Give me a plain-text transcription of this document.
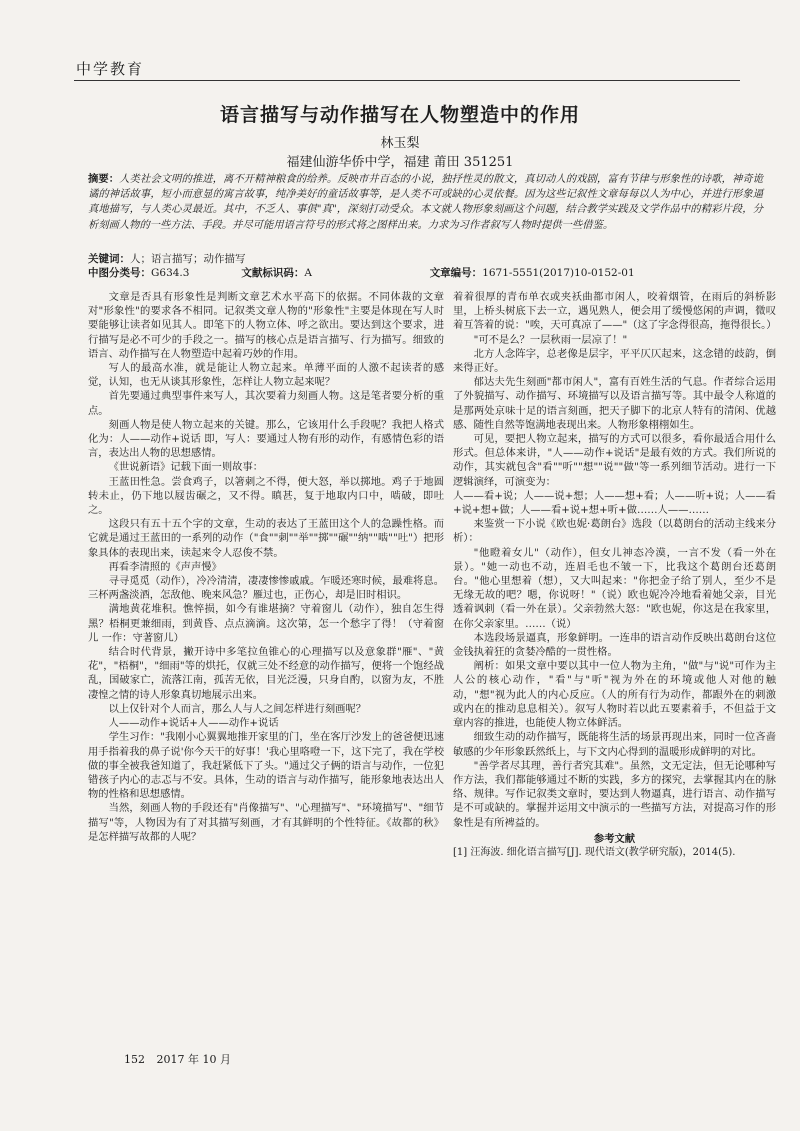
中学教育
语言描写与动作描写在人物塑造中的作用
林玉梨
福建仙游华侨中学，福建 莆田 351251
摘要：人类社会文明的推进，离不开精神粮食的给养。反映市井百态的小说，独抒性灵的散文，真切动人的戏剧，富有节律与形象性的诗歌，神奇诡谲的神话故事，短小而意显的寓言故事，纯净美好的童话故事等，是人类不可或缺的心灵依餐。因为这些记叙性文章每每以人为中心，并进行形象逼真地描写，与人类心灵最近。其中，不乏人、事俱"真"，深刻打动受众。本文就人物形象刻画这个问题，结合教学实践及文学作品中的精彩片段，分析刻画人物的一些方法、手段。并尽可能用语言符号的形式将之图样出来。力求为习作者叙写人物时提供一些借鉴。
关键词：人；语言描写；动作描写
中图分类号：G634.3	文献标识码：A	文章编号：1671-5551(2017)10-0152-01

文章是否具有形象性是判断文章艺术水平高下的依据。不同体裁的文章对"形象性"的要求各不相同。记叙类文章人物的"形象性"主要是体现在写人时要能够让读者如见其人。即笔下的人物立体、呼之欲出。要达到这个要求，进行描写是必不可少的手段之一。描写的核心点是语言描写、行为描写。细致的语言、动作描写在人物塑造中起着巧妙的作用。

写人的最高水准，就是能让人物立起来。单薄平面的人激不起读者的感觉，认知，也无从谈其形象性，怎样让人物立起来呢？

首先要通过典型事件来写人，其次要着力刻画人物。这是笔者要分析的重点。

刻画人物是使人物立起来的关键。那么，它该用什么手段呢？我把人格式化为：人——动作+说话 即，写人：要通过人物有形的动作，有感情色彩的语言，表达出人物的思想感情。

《世说新语》记载下面一则故事：

王蓝田性急。尝食鸡子，以箸刺之不得，便大怒，举以掷地。鸡子于地圆转未止，仍下地以屐齿碾之，又不得。瞋甚，复于地取内口中，啮破，即吐之。

这段只有五十五个字的文章，生动的表达了王蓝田这个人的急躁性格。而它就是通过王蓝田的一系列的动作（"食""刺""举""掷""碾""纳""啮""吐"）把形象具体的表现出来，读起来令人忍俊不禁。

再看李清照的《声声慢》

寻寻觅觅（动作），冷冷清清，凄凄惨惨戚戚。乍暖还寒时候，最难将息。三杯两盏淡酒，怎敌他、晚来风急？雁过也，正伤心，却是旧时相识。

满地黄花堆积。憔悴损，如今有谁堪摘？守着窗儿（动作），独自怎生得黑？梧桐更兼细雨，到黄昏、点点滴滴。这次第，怎一个愁字了得！（守着窗儿 一作：守著窗儿）

结合时代背景，撇开诗中多笔拉鱼锥心的心理描写以及意象群"雁"、"黄花"，"梧桐"，"细雨"等的烘托，仅就三处不经意的动作描写，便将一个饱经战乱，国破家亡，流落江南，孤苦无依，目光泛漫，只身自酌，以窗为友，不胜凄惶之情的诗人形象真切地展示出来。

以上仅针对个人而言，那么人与人之间怎样进行刻画呢？

人——动作+说话+人——动作+说话

学生习作："我刚小心翼翼地推开家里的门，坐在客厅沙发上的爸爸便迅速用手指着我的鼻子说'你今天干的好事！'我心里咯噔一下，这下完了，我在学校做的事全被我爸知道了，我赶紧低下了头。"通过父子俩的语言与动作，一位犯错孩子内心的志忑与不安。具体，生动的语言与动作描写，能形象地表达出人物的性格和思想感情。

当然，刻画人物的手段还有"肖像描写"、"心理描写"、"环境描写"、"细节描写"等，人物因为有了对其描写刻画，才有其鲜明的个性特征。《故都的秋》是怎样描写故都的人呢？

着着很厚的青布单衣或夹袄曲都市闲人，咬着烟管，在雨后的斜桥影里，上桥头树底下去一立，遇见熟人，便会用了缓慢悠闲的声调，微叹着互答着的说："唉，天可真凉了——"（这了字念得很高，拖得很长。）

"可不是么？一层秋雨一层凉了！"

北方人念阵字，总老像是层字，平平仄仄起来，这念错的歧韵，倒来得正好。

郁达夫先生刻画"都市闲人"，富有百姓生活的气息。作者综合运用了外貌描写、动作描写、环境描写以及语言描写等。其中最令人称道的是那两处京味十足的语言刻画，把天子脚下的北京人特有的清闲、优越感、随性自然等饱满地表现出来。人物形象栩栩如生。

可见，要把人物立起来，描写的方式可以很多，看你最适合用什么形式。但总体来讲，"人——动作+说话"是最有效的方式。我们所说的动作，其实就包含"看""听""想""说""做"等一系列细节活动。进行一下逻辑演绎，可演变为：

人——看+说；人——说+想；人——想+看；人——听+说；人——看+说+想+做；人——看+说+想+听+做……人——……

来鉴赏一下小说《欧也妮·葛朗台》选段（以葛朗台的活动主线来分析）：

"他瞪着女儿"（动作），但女儿神态冷漠，一言不发（看一外在景）。"她一动也不动，连眉毛也不皱一下，比我这个葛朗台还葛朗台。"他心里想着（想），又大叫起来："你把金子给了别人，至少不是无缘无故的吧？嗯，你说呀！"（说）欧也妮冷冷地看着她父亲，目光透着讽刺（看一外在景）。父亲勃然大怒："欧也妮，你这是在我家里，在你父亲家里。……（说）

本选段场景逼真，形象鲜明。一连串的语言动作反映出葛朗台这位金钱执着狂的贪婪冷酷的一贯性格。

阐析：如果文章中要以其中一位人物为主角，"做"与"说"可作为主人公的核心动作，"看"与"听"视为外在的环境或他人对他的触动，"想"视为此人的内心反应。（人的所有行为动作，都跟外在的刺激或内在的推动息息相关）。叙写人物时若以此五要素着手，不但益于文章内容的推进，也能使人物立体鲜活。

细致生动的动作描写，既能将生活的场景再现出来，同时一位吝啬敏感的少年形象跃然纸上，与下文内心得到的温暖形成鲜明的对比。

"善学者尽其理，善行者究其难"。虽然，文无定法，但无论哪种写作方法，我们都能够通过不断的实践，多方的探究，去掌握其内在的脉络、规律。写作记叙类文章时，要达到人物逼真，进行语言、动作描写是不可或缺的。掌握并运用文中演示的一些描写方法，对提高习作的形象性是有所裨益的。

参考文献

[1] 汪海波. 细化语言描写[J]. 现代语文(教学研究版)，2014(5).

152 2017 年 10 月
